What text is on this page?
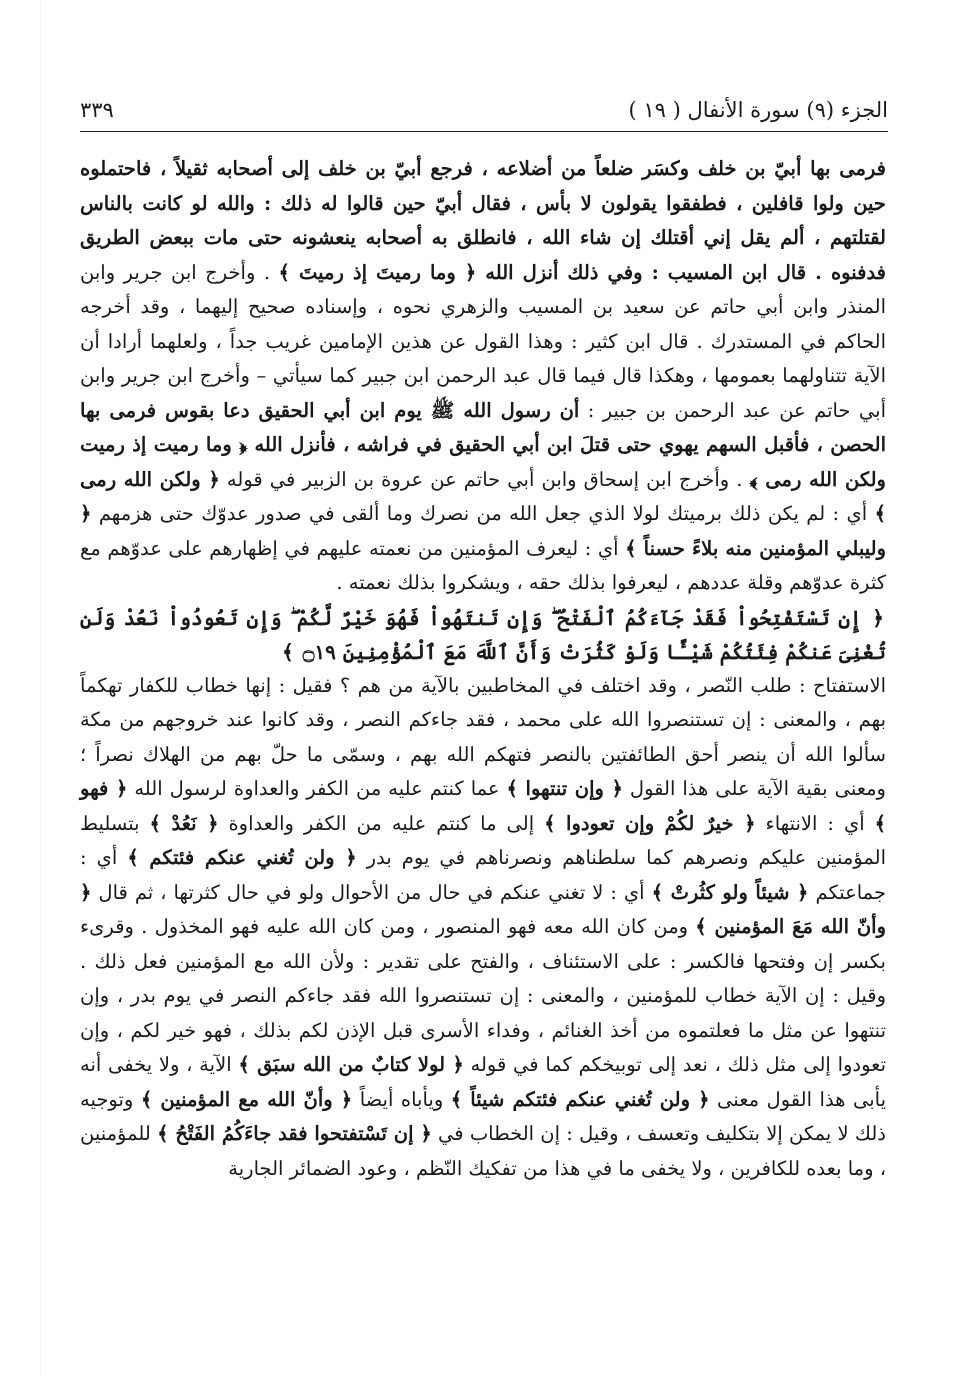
الجزء (٩) سورة الأنفال ( ١٩ )
٣٣٩

فرمى بها أبيّ بن خلف وكسَر ضلعاً من أضلاعه ، فرجع أبيّ بن خلف إلى أصحابه ثقيلاً ، فاحتملوه حين ولوا قافلين ، فطفقوا يقولون لا بأس ، فقال أبيّ حين قالوا له ذلك : والله لو كانت بالناس لقتلتهم ، ألم يقل إني أقتلك إن شاء الله ، فانطلق به أصحابه ينعشونه حتى مات ببعض الطريق فدفنوه . قال ابن المسيب : وفي ذلك أنزل الله ﴿ وما رميتَ إذ رميتَ ﴾ . وأخرج ابن جرير وابن المنذر وابن أبي حاتم عن سعيد بن المسيب والزهري نحوه ، وإسناده صحيح إليهما ، وقد أخرجه الحاكم في المستدرك . قال ابن كثير : وهذا القول عن هذين الإمامين غريب جداً ، ولعلهما أرادا أن الآية تتناولهما بعمومها ، وهكذا قال فيما قال عبد الرحمن ابن جبير كما سيأتي – وأخرج ابن جرير وابن أبي حاتم عن عبد الرحمن بن جبير : أن رسول الله ﷺ يوم ابن أبي الحقيق دعا بقوس فرمى بها الحصن ، فأقبل السهم يهوي حتى قتلَ ابن أبي الحقيق في فراشه ، فأنزل الله ﴿ وما رميت إذ رميت ولكن الله رمى ﴾ . وأخرج ابن إسحاق وابن أبي حاتم عن عروة بن الزبير في قوله ﴿ ولكن الله رمى ﴾ أي : لم يكن ذلك برميتك لولا الذي جعل الله من نصرك وما ألقى في صدور عدوّك حتى هزمهم ﴿ وليبلي المؤمنين منه بلاءً حسناً ﴾ أي : ليعرف المؤمنين من نعمته عليهم في إظهارهم على عدوّهم مع كثرة عدوّهم وقلة عددهم ، ليعرفوا بذلك حقه ، ويشكروا بذلك نعمته .

﴿ إِن تَسْتَفْتِحُواْ فَقَدْ جَآءَكُمُ ٱلْفَتْحُ ۖ وَإِن تَنتَهُواْ فَهُوَ خَيْرٌ لَّكُمْ ۖ وَإِن تَعُودُواْ نَعُدْ وَلَن تُغْنِىَ عَنكُمْ فِئَتُكُمْ شَيْـًٔا وَلَوْ كَثُرَتْ وَأَنَّ ٱللَّهَ مَعَ ٱلْمُؤْمِنِينَ ۝١٩ ﴾

الاستفتاح : طلب النّصر ، وقد اختلف في المخاطبين بالآية من هم ؟ فقيل : إنها خطاب للكفار تهكماً بهم ، والمعنى : إن تستنصروا الله على محمد ، فقد جاءكم النصر ، وقد كانوا عند خروجهم من مكة سألوا الله أن ينصر أحق الطائفتين بالنصر فتهكم الله بهم ، وسمّى ما حلّ بهم من الهلاك نصراً ؛ ومعنى بقية الآية على هذا القول ﴿ وإن تنتهوا ﴾ عما كنتم عليه من الكفر والعداوة لرسول الله ﴿ فهو ﴾ أي : الانتهاء ﴿ خيرٌ لكُمْ وإن تعودوا ﴾ إلى ما كنتم عليه من الكفر والعداوة ﴿ نَعُدْ ﴾ بتسليط المؤمنين عليكم ونصرهم كما سلطناهم ونصرناهم في يوم بدر ﴿ ولن تُغني عنكم فئتكم ﴾ أي : جماعتكم ﴿ شيئاً ولو كثُرتْ ﴾ أي : لا تغني عنكم في حال من الأحوال ولو في حال كثرتها ، ثم قال ﴿ وأنّ الله مَعَ المؤمنين ﴾ ومن كان الله معه فهو المنصور ، ومن كان الله عليه فهو المخذول . وقرىء بكسر إن وفتحها فالكسر : على الاستئناف ، والفتح على تقدير : ولأن الله مع المؤمنين فعل ذلك . وقيل : إن الآية خطاب للمؤمنين ، والمعنى : إن تستنصروا الله فقد جاءكم النصر في يوم بدر ، وإن تنتهوا عن مثل ما فعلتموه من أخذ الغنائم ، وفداء الأسرى قبل الإذن لكم بذلك ، فهو خير لكم ، وإن تعودوا إلى مثل ذلك ، نعد إلى توبيخكم كما في قوله ﴿ لولا كتابٌ من الله سبَق ﴾ الآية ، ولا يخفى أنه يأبى هذا القول معنى ﴿ ولن تُغني عنكم فئتكم شيئاً ﴾ ويأباه أيضاً ﴿ وأنّ الله مع المؤمنين ﴾ وتوجيه ذلك لا يمكن إلا بتكليف وتعسف ، وقيل : إن الخطاب في ﴿ إن تَسْتفتحوا فقد جاءَكُمُ الفَتْحُ ﴾ للمؤمنين ، وما بعده للكافرين ، ولا يخفى ما في هذا من تفكيك النّظم ، وعود الضمائر الجارية
